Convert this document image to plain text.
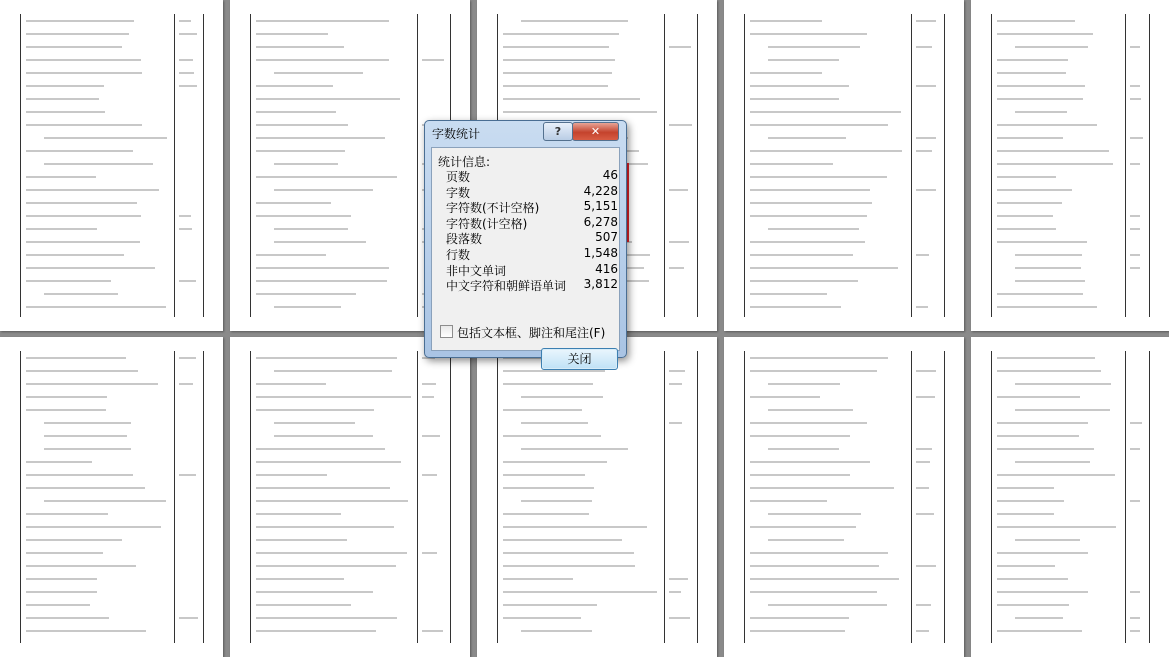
字数统计	?	✕
统计信息:
页数	46
字数	4,228
字符数(不计空格)	5,151
字符数(计空格)	6,278
段落数	507
行数	1,548
非中文单词	416
中文字符和朝鲜语单词 3,812
包括文本框、脚注和尾注(F)
关闭
